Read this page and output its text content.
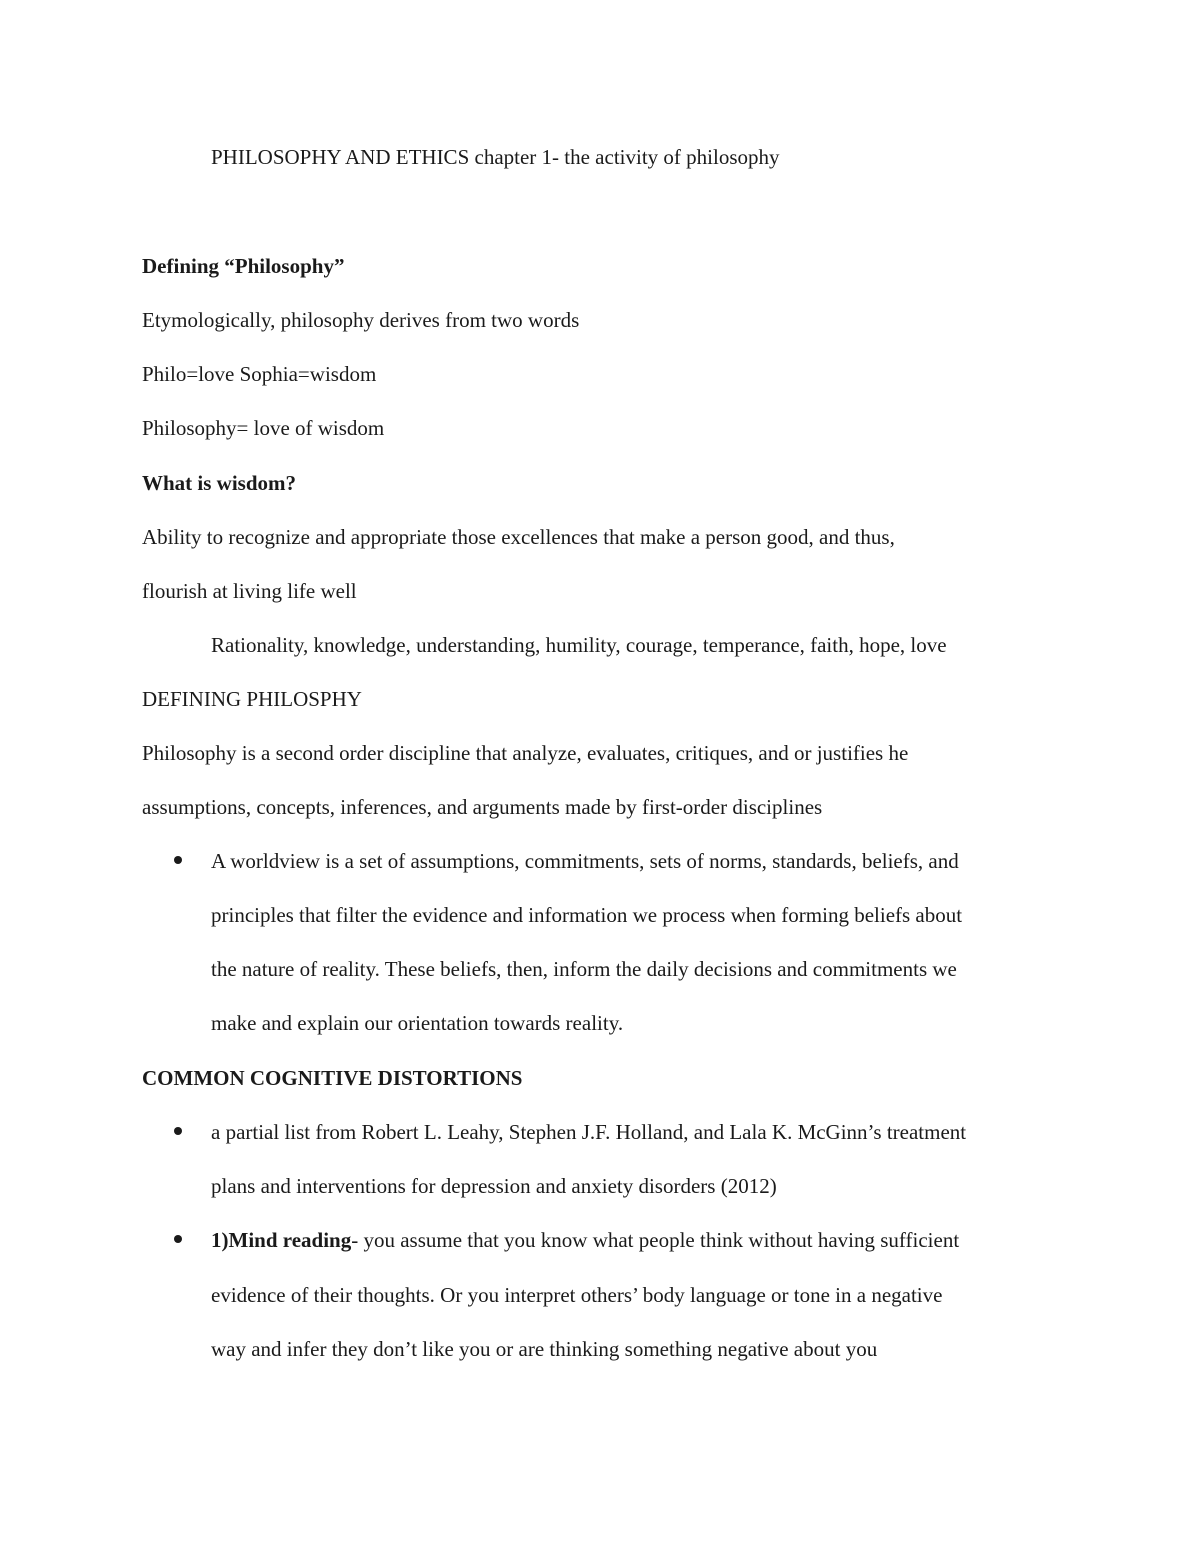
PHILOSOPHY AND ETHICS chapter 1- the activity of philosophy
Defining “Philosophy”
Etymologically, philosophy derives from two words
Philo=love Sophia=wisdom
Philosophy= love of wisdom
What is wisdom?
Ability to recognize and appropriate those excellences that make a person good, and thus,
flourish at living life well
Rationality, knowledge, understanding, humility, courage, temperance, faith, hope, love
DEFINING PHILOSPHY
Philosophy is a second order discipline that analyze, evaluates, critiques, and or justifies he
assumptions, concepts, inferences, and arguments made by first-order disciplines
A worldview is a set of assumptions, commitments, sets of norms, standards, beliefs, and
principles that filter the evidence and information we process when forming beliefs about
the nature of reality. These beliefs, then, inform the daily decisions and commitments we
make and explain our orientation towards reality.
COMMON COGNITIVE DISTORTIONS
a partial list from Robert L. Leahy, Stephen J.F. Holland, and Lala K. McGinn’s treatment
plans and interventions for depression and anxiety disorders (2012)
1)Mind reading- you assume that you know what people think without having sufficient
evidence of their thoughts. Or you interpret others’ body language or tone in a negative
way and infer they don’t like you or are thinking something negative about you
